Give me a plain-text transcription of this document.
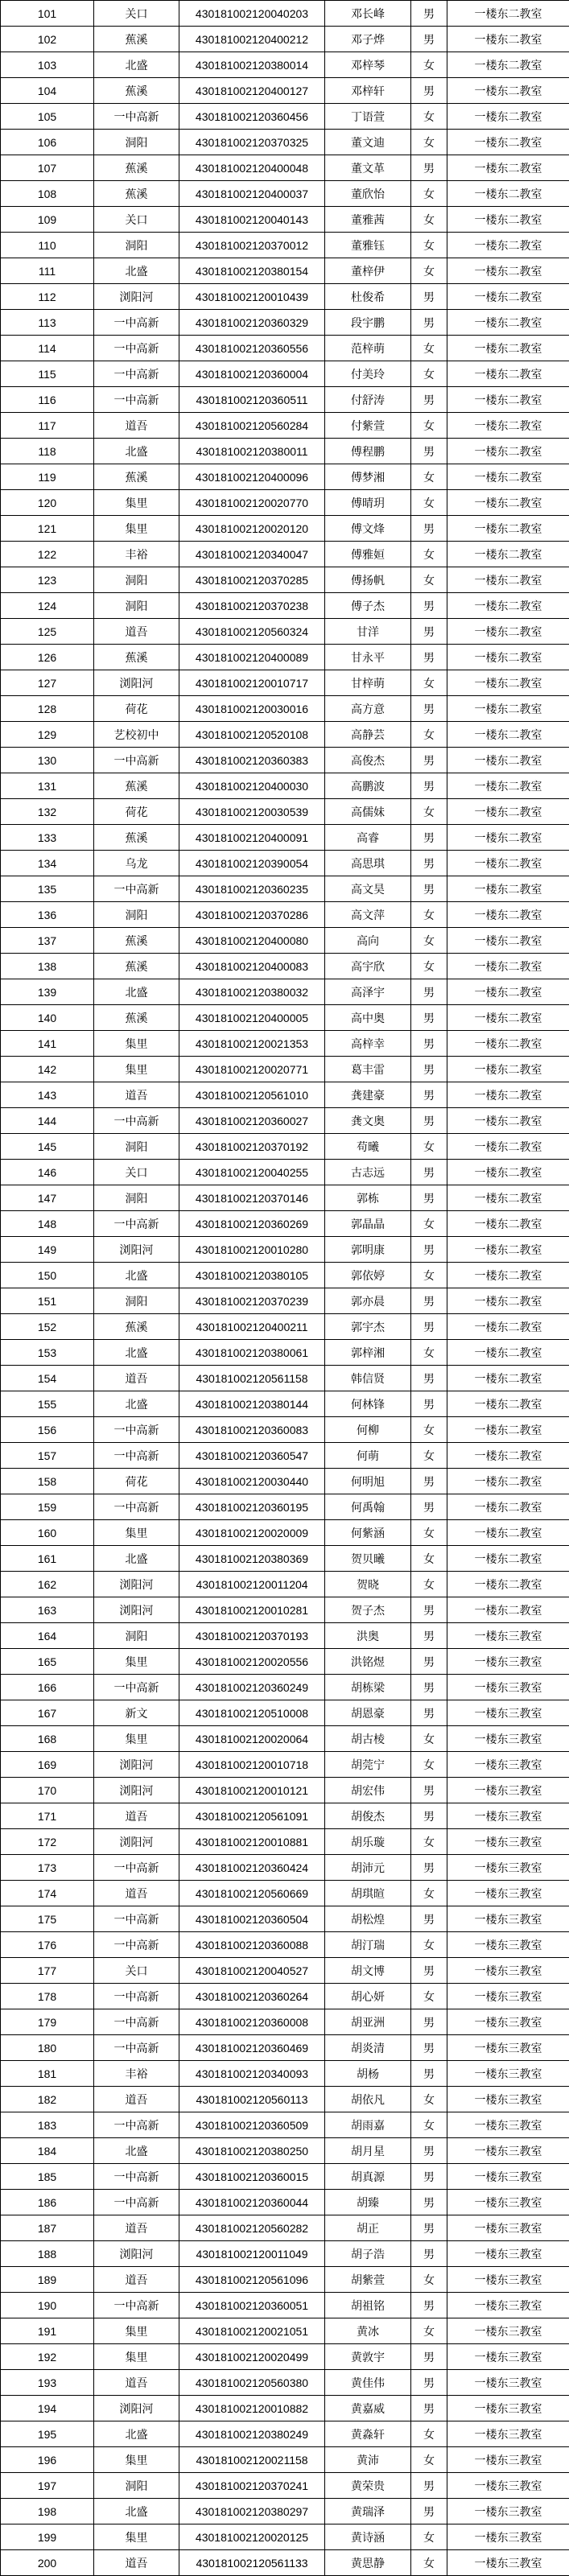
101	关口	430181002120040203	邓长峰	男	一楼东二教室
102	蕉溪	430181002120400212	邓子烨	男	一楼东二教室
103	北盛	430181002120380014	邓梓琴	女	一楼东二教室
104	蕉溪	430181002120400127	邓梓轩	男	一楼东二教室
105	一中高新	430181002120360456	丁语萱	女	一楼东二教室
106	洞阳	430181002120370325	董文迪	女	一楼东二教室
107	蕉溪	430181002120400048	董文革	男	一楼东二教室
108	蕉溪	430181002120400037	董欣怡	女	一楼东二教室
109	关口	430181002120040143	董雅茜	女	一楼东二教室
110	洞阳	430181002120370012	董雅钰	女	一楼东二教室
111	北盛	430181002120380154	董梓伊	女	一楼东二教室
112	浏阳河	430181002120010439	杜俊希	男	一楼东二教室
113	一中高新	430181002120360329	段宇鹏	男	一楼东二教室
114	一中高新	430181002120360556	范梓萌	女	一楼东二教室
115	一中高新	430181002120360004	付美玲	女	一楼东二教室
116	一中高新	430181002120360511	付舒涛	男	一楼东二教室
117	道吾	430181002120560284	付紫萱	女	一楼东二教室
118	北盛	430181002120380011	傅程鹏	男	一楼东二教室
119	蕉溪	430181002120400096	傅梦湘	女	一楼东二教室
120	集里	430181002120020770	傅晴玥	女	一楼东二教室
121	集里	430181002120020120	傅文烽	男	一楼东二教室
122	丰裕	430181002120340047	傅雅姮	女	一楼东二教室
123	洞阳	430181002120370285	傅扬帆	女	一楼东二教室
124	洞阳	430181002120370238	傅子杰	男	一楼东二教室
125	道吾	430181002120560324	甘洋	男	一楼东二教室
126	蕉溪	430181002120400089	甘永平	男	一楼东二教室
127	浏阳河	430181002120010717	甘梓萌	女	一楼东二教室
128	荷花	430181002120030016	高方意	男	一楼东二教室
129	艺校初中	430181002120520108	高静芸	女	一楼东二教室
130	一中高新	430181002120360383	高俊杰	男	一楼东二教室
131	蕉溪	430181002120400030	高鹏波	男	一楼东二教室
132	荷花	430181002120030539	高儒妹	女	一楼东二教室
133	蕉溪	430181002120400091	高睿	男	一楼东二教室
134	乌龙	430181002120390054	高思琪	男	一楼东二教室
135	一中高新	430181002120360235	高文昊	男	一楼东二教室
136	洞阳	430181002120370286	高文萍	女	一楼东二教室
137	蕉溪	430181002120400080	高向	女	一楼东二教室
138	蕉溪	430181002120400083	高宇欣	女	一楼东二教室
139	北盛	430181002120380032	高泽宇	男	一楼东二教室
140	蕉溪	430181002120400005	高中奥	男	一楼东二教室
141	集里	430181002120021353	高梓幸	男	一楼东二教室
142	集里	430181002120020771	葛丰雷	男	一楼东二教室
143	道吾	430181002120561010	龚建豪	男	一楼东二教室
144	一中高新	430181002120360027	龚文奥	男	一楼东二教室
145	洞阳	430181002120370192	苟曦	女	一楼东二教室
146	关口	430181002120040255	古志远	男	一楼东二教室
147	洞阳	430181002120370146	郭栋	男	一楼东二教室
148	一中高新	430181002120360269	郭晶晶	女	一楼东二教室
149	浏阳河	430181002120010280	郭明康	男	一楼东二教室
150	北盛	430181002120380105	郭依婷	女	一楼东二教室
151	洞阳	430181002120370239	郭亦晨	男	一楼东二教室
152	蕉溪	430181002120400211	郭宇杰	男	一楼东二教室
153	北盛	430181002120380061	郭梓湘	女	一楼东二教室
154	道吾	430181002120561158	韩信贤	男	一楼东二教室
155	北盛	430181002120380144	何林锋	男	一楼东二教室
156	一中高新	430181002120360083	何柳	女	一楼东二教室
157	一中高新	430181002120360547	何萌	女	一楼东二教室
158	荷花	430181002120030440	何明旭	男	一楼东二教室
159	一中高新	430181002120360195	何禹翰	男	一楼东二教室
160	集里	430181002120020009	何紫涵	女	一楼东二教室
161	北盛	430181002120380369	贺贝曦	女	一楼东二教室
162	浏阳河	430181002120011204	贺晓	女	一楼东二教室
163	浏阳河	430181002120010281	贺子杰	男	一楼东二教室
164	洞阳	430181002120370193	洪奥	男	一楼东三教室
165	集里	430181002120020556	洪铭煜	男	一楼东三教室
166	一中高新	430181002120360249	胡栋梁	男	一楼东三教室
167	新文	430181002120510008	胡恩豪	男	一楼东三教室
168	集里	430181002120020064	胡古棱	女	一楼东三教室
169	浏阳河	430181002120010718	胡莞宁	女	一楼东三教室
170	浏阳河	430181002120010121	胡宏伟	男	一楼东三教室
171	道吾	430181002120561091	胡俊杰	男	一楼东三教室
172	浏阳河	430181002120010881	胡乐璇	女	一楼东三教室
173	一中高新	430181002120360424	胡沛元	男	一楼东三教室
174	道吾	430181002120560669	胡琪暄	女	一楼东三教室
175	一中高新	430181002120360504	胡松煌	男	一楼东三教室
176	一中高新	430181002120360088	胡汀瑞	女	一楼东三教室
177	关口	430181002120040527	胡文博	男	一楼东三教室
178	一中高新	430181002120360264	胡心妍	女	一楼东三教室
179	一中高新	430181002120360008	胡亚洲	男	一楼东三教室
180	一中高新	430181002120360469	胡炎清	男	一楼东三教室
181	丰裕	430181002120340093	胡杨	男	一楼东三教室
182	道吾	430181002120560113	胡依凡	女	一楼东三教室
183	一中高新	430181002120360509	胡雨嘉	女	一楼东三教室
184	北盛	430181002120380250	胡月星	男	一楼东三教室
185	一中高新	430181002120360015	胡真源	男	一楼东三教室
186	一中高新	430181002120360044	胡臻	男	一楼东三教室
187	道吾	430181002120560282	胡正	男	一楼东三教室
188	浏阳河	430181002120011049	胡子浩	男	一楼东三教室
189	道吾	430181002120561096	胡紫萱	女	一楼东三教室
190	一中高新	430181002120360051	胡祖铭	男	一楼东三教室
191	集里	430181002120021051	黄冰	女	一楼东三教室
192	集里	430181002120020499	黄敦宇	男	一楼东三教室
193	道吾	430181002120560380	黄佳伟	男	一楼东三教室
194	浏阳河	430181002120010882	黄嘉威	男	一楼东三教室
195	北盛	430181002120380249	黄淼轩	女	一楼东三教室
196	集里	430181002120021158	黄沛	女	一楼东三教室
197	洞阳	430181002120370241	黄荣贵	男	一楼东三教室
198	北盛	430181002120380297	黄瑞泽	男	一楼东三教室
199	集里	430181002120020125	黄诗涵	女	一楼东三教室
200	道吾	430181002120561133	黄思静	女	一楼东三教室
